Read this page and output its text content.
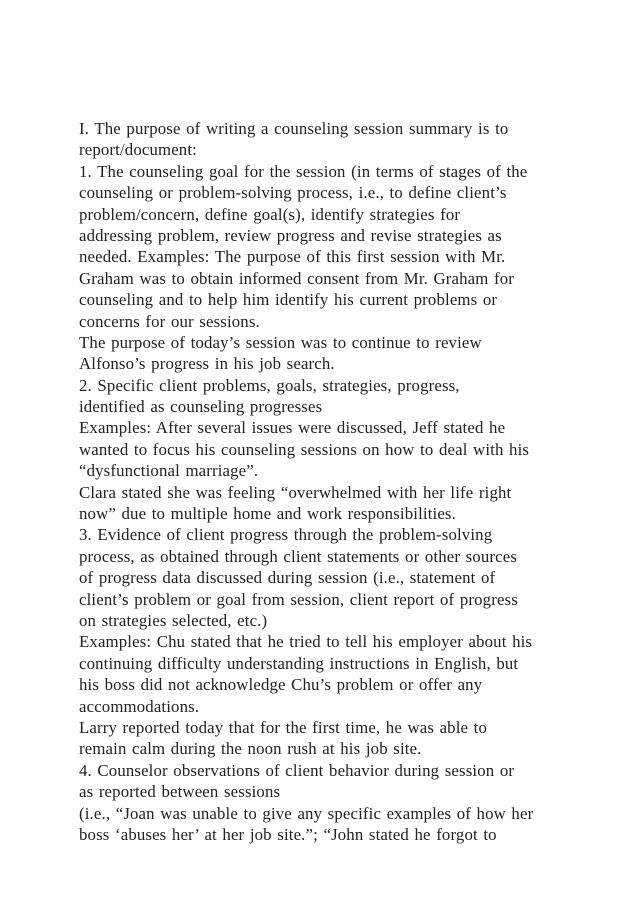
I. The purpose of writing a counseling session summary is to
report/document:
1. The counseling goal for the session (in terms of stages of the
counseling or problem-solving process, i.e., to define client’s
problem/concern, define goal(s), identify strategies for
addressing problem, review progress and revise strategies as
needed. Examples: The purpose of this first session with Mr.
Graham was to obtain informed consent from Mr. Graham for
counseling and to help him identify his current problems or
concerns for our sessions.
The purpose of today’s session was to continue to review
Alfonso’s progress in his job search.
2. Specific client problems, goals, strategies, progress,
identified as counseling progresses
Examples: After several issues were discussed, Jeff stated he
wanted to focus his counseling sessions on how to deal with his
“dysfunctional marriage”.
Clara stated she was feeling “overwhelmed with her life right
now” due to multiple home and work responsibilities.
3. Evidence of client progress through the problem-solving
process, as obtained through client statements or other sources
of progress data discussed during session (i.e., statement of
client’s problem or goal from session, client report of progress
on strategies selected, etc.)
Examples: Chu stated that he tried to tell his employer about his
continuing difficulty understanding instructions in English, but
his boss did not acknowledge Chu’s problem or offer any
accommodations.
Larry reported today that for the first time, he was able to
remain calm during the noon rush at his job site.
4. Counselor observations of client behavior during session or
as reported between sessions
(i.e., “Joan was unable to give any specific examples of how her
boss ‘abuses her’ at her job site.”; “John stated he forgot to
